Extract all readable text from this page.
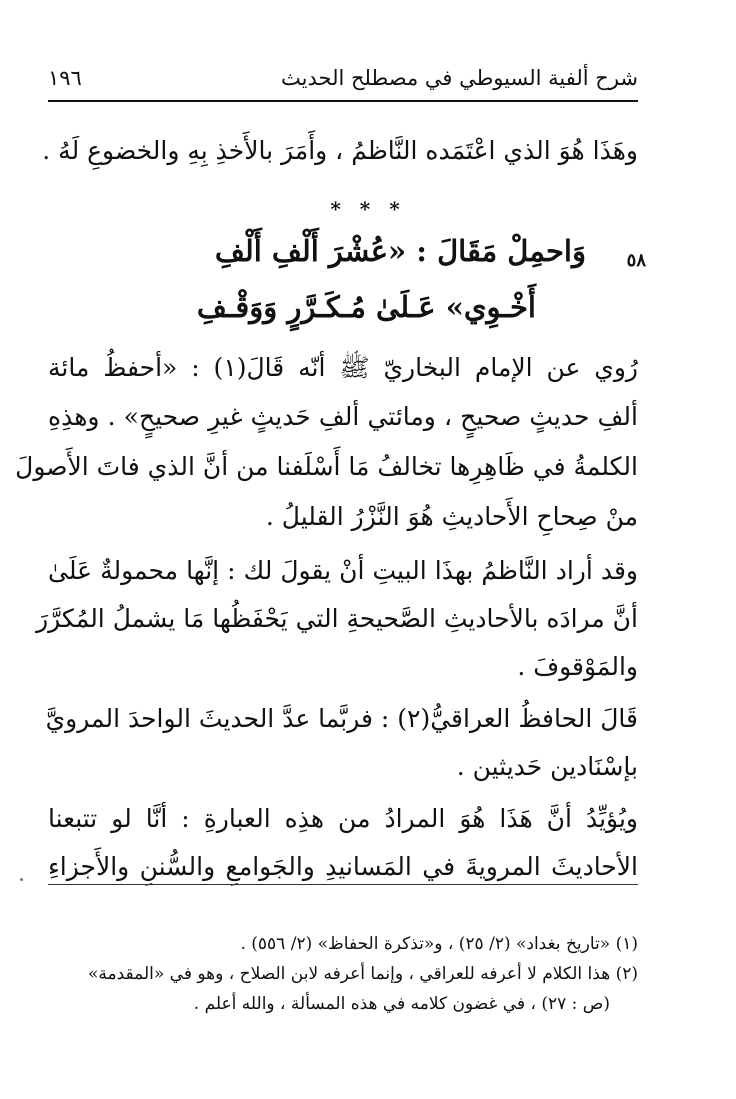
شرح ألفية السيوطي في مصطلح الحديث
١٩٦
وهَذَا هُوَ الذي اعْتَمَده النَّاظمُ ، وأَمَرَ بالأَخذِ بِهِ والخضوعِ لَهُ .
* * *
٥٨
وَاحمِلْ مَقَالَ : «عُشْرَ أَلْفِ أَلْفِ
أَخْـوِي» عَـلَىٰ مُـكَـرَّرٍ وَوَقْـفِ
رُوي عن الإمام البخاريّ ﷺ أنّه قَالَ(١) : «أحفظُ مائة
ألفِ حديثٍ صحيحٍ ، ومائتي ألفِ حَديثٍ غيرِ صحيحٍ» . وهذِهِ
الكلمةُ في ظَاهِرِها تخالفُ مَا أَسْلَفنا من أنَّ الذي فاتَ الأَصولَ
منْ صِحاحِ الأَحاديثِ هُوَ النَّزْرُ القليلُ .
وقد أراد النَّاظمُ بهذَا البيتِ أنْ يقولَ لك : إنَّها محمولةٌ عَلَىٰ
أنَّ مرادَه بالأحاديثِ الصَّحيحةِ التي يَحْفَظُها مَا يشملُ المُكرَّرَ
والمَوْقوفَ .
قَالَ الحافظُ العراقيُّ(٢) : فربَّما عدَّ الحديثَ الواحدَ المرويَّ
بإسْنَادين حَديثين .
ويُؤيِّدُ أنَّ هَذَا هُوَ المرادُ من هذِه العبارةِ : أنَّا لو تتبعنا
الأحاديثَ المرويةَ في المَسانيدِ والجَوامعِ والسُّننِ والأَجزاءِ
(١) «تاريخ بغداد» (٢/ ٢٥) ، و«تذكرة الحفاظ» (٢/ ٥٥٦) .
(٢) هذا الكلام لا أعرفه للعراقي ، وإنما أعرفه لابن الصلاح ، وهو في «المقدمة»
(ص : ٢٧) ، في غضون كلامه في هذه المسألة ، والله أعلم .
